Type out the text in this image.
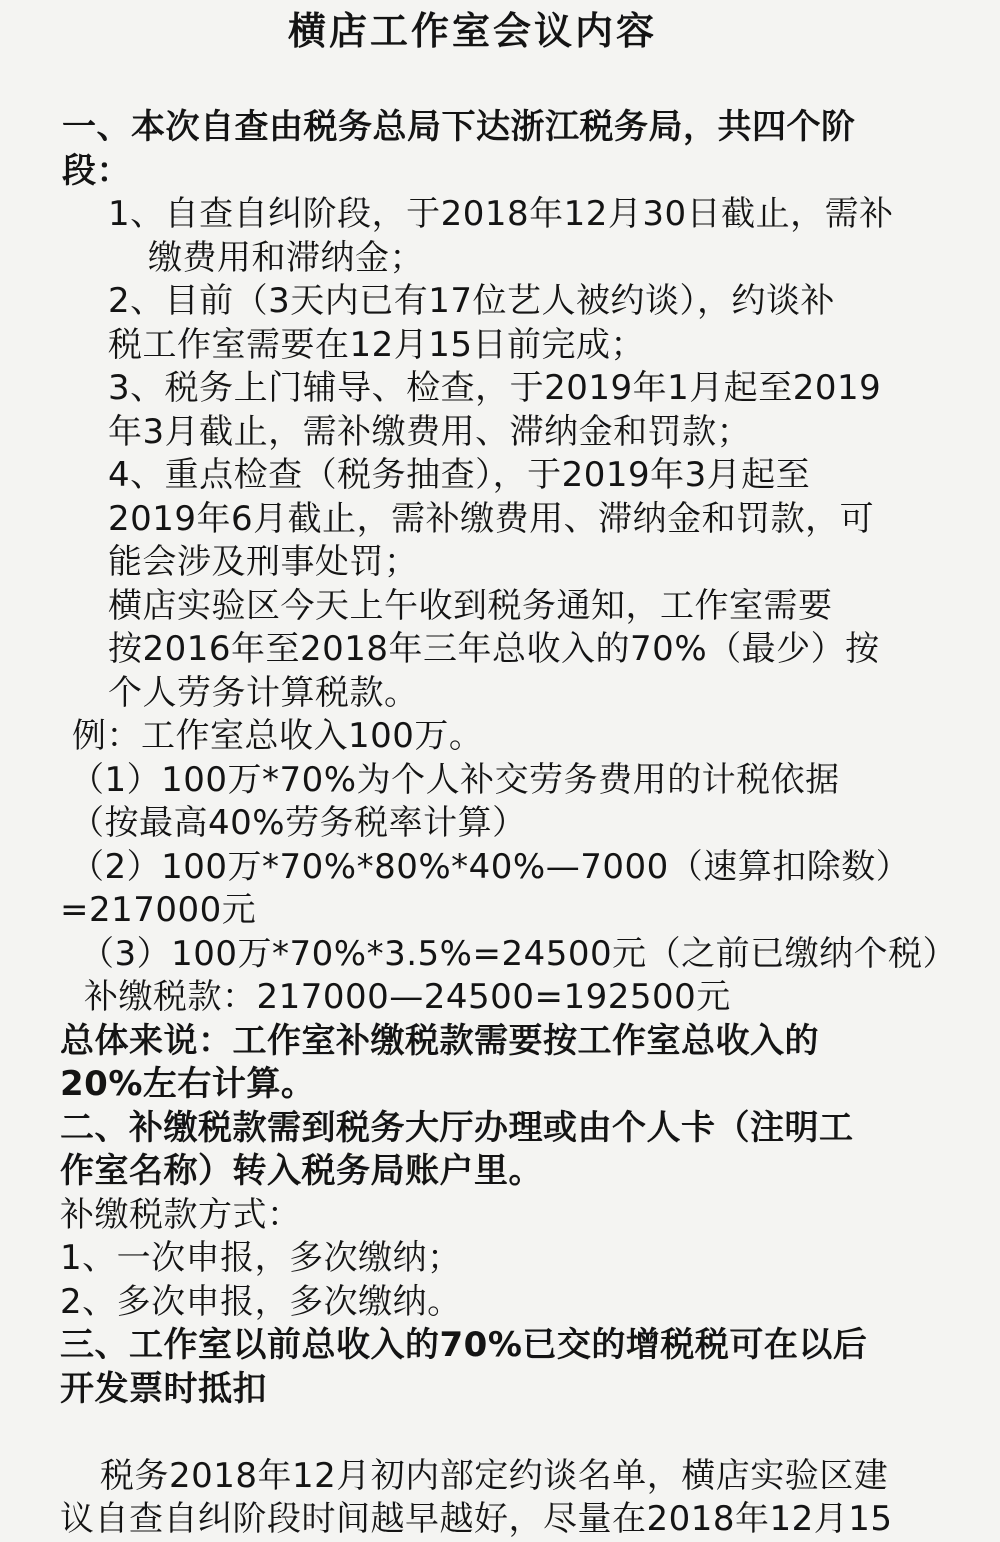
横店工作室会议内容
一、本次自查由税务总局下达浙江税务局，共四个阶
段：
1、自查自纠阶段，于2018年12月30日截止，需补
缴费用和滞纳金；
2、目前（3天内已有17位艺人被约谈），约谈补
税工作室需要在12月15日前完成；
3、税务上门辅导、检查，于2019年1月起至2019
年3月截止，需补缴费用、滞纳金和罚款；
4、重点检查（税务抽查），于2019年3月起至
2019年6月截止，需补缴费用、滞纳金和罚款，可
能会涉及刑事处罚；
横店实验区今天上午收到税务通知，工作室需要
按2016年至2018年三年总收入的70%（最少）按
个人劳务计算税款。
例：工作室总收入100万。
（1）100万*70%为个人补交劳务费用的计税依据
（按最高40%劳务税率计算）
（2）100万*70%*80%*40%—7000（速算扣除数）
=217000元
（3）100万*70%*3.5%=24500元（之前已缴纳个税）
补缴税款：217000—24500=192500元
总体来说：工作室补缴税款需要按工作室总收入的
20%左右计算。
二、补缴税款需到税务大厅办理或由个人卡（注明工
作室名称）转入税务局账户里。
补缴税款方式：
1、一次申报，多次缴纳；
2、多次申报，多次缴纳。
三、工作室以前总收入的70%已交的增税税可在以后
开发票时抵扣
税务2018年12月初内部定约谈名单，横店实验区建
议自查自纠阶段时间越早越好，尽量在2018年12月15
